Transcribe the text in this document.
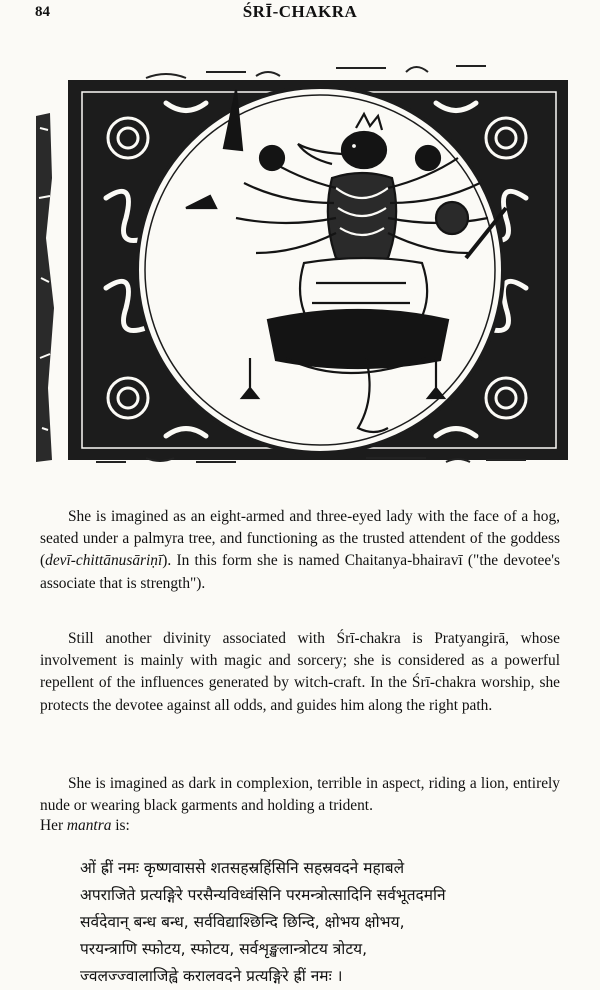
84	ŚRĪ-CHAKRA

She is imagined as an eight-armed and three-eyed lady with the face of a hog, seated under a palmyra tree, and functioning as the trusted attendent of the goddess (devī-chittānusāriṇī). In this form she is named Chaitanya-bhairavī ("the devotee's associate that is strength").

Still another divinity associated with Śrī-chakra is Pratyangirā, whose involvement is mainly with magic and sorcery; she is considered as a powerful repellent of the influences generated by witch-craft. In the Śrī-chakra worship, she protects the devotee against all odds, and guides him along the right path.

She is imagined as dark in complexion, terrible in aspect, riding a lion, entirely nude or wearing black garments and holding a trident.

Her mantra is:
ओं ह्रीं नमः कृष्णवाससे शतसहस्रहिंसिनि सहस्रवदने महाबले
अपराजिते प्रत्यङ्गिरे परसैन्यविध्वंसिनि परमन्त्रोत्सादिनि सर्वभूतदमनि
सर्वदेवान् बन्ध बन्ध, सर्वविद्याश्छिन्दि छिन्दि, क्षोभय क्षोभय,
परयन्त्राणि स्फोटय, स्फोटय, सर्वशृङ्खलान्त्रोटय त्रोटय,
ज्वलज्ज्वालाजिह्वे करालवदने प्रत्यङ्गिरे ह्रीं नमः ।
